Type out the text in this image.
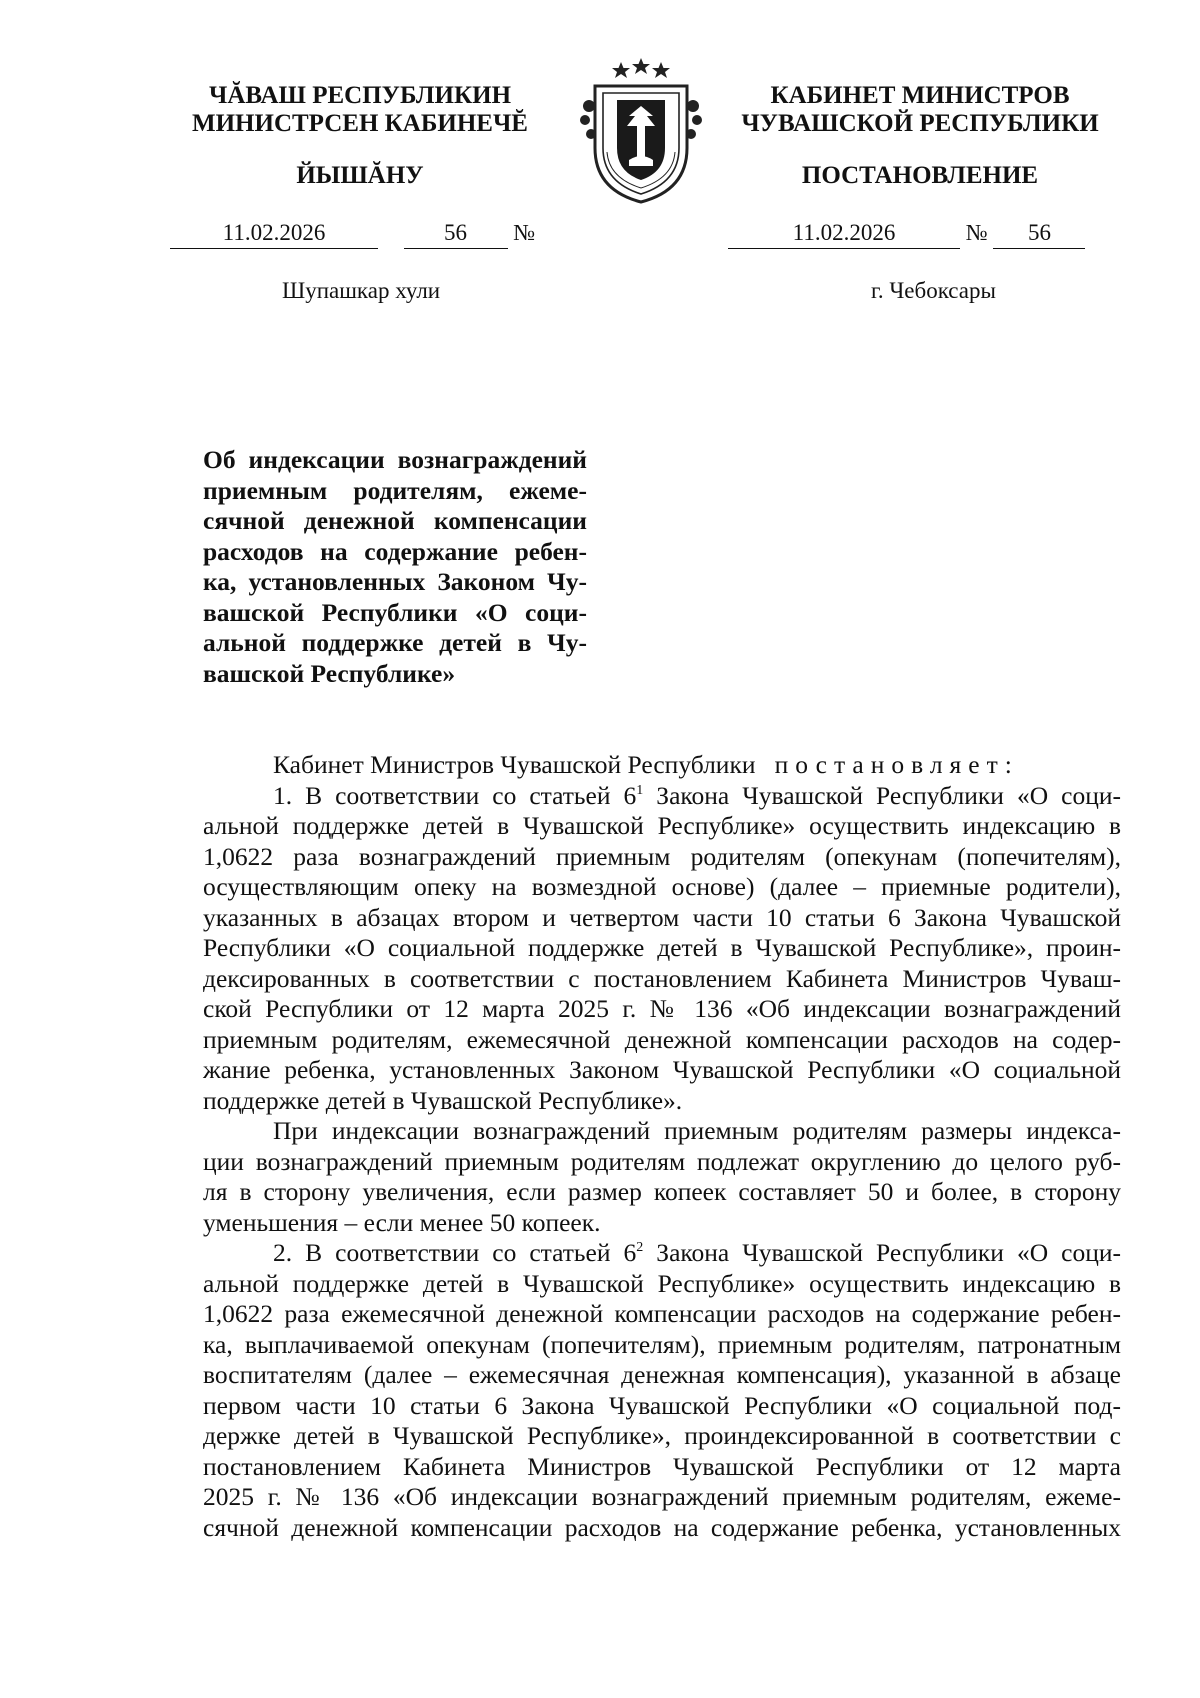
ЧĂВАШ РЕСПУБЛИКИН
МИНИСТРСЕН КАБИНЕЧĔ
ЙЫШĂНУ
КАБИНЕТ МИНИСТРОВ
ЧУВАШСКОЙ РЕСПУБЛИКИ
ПОСТАНОВЛЕНИЕ
11.02.2026	56 №	11.02.2026	№ 56
Шупашкар хули	г. Чебоксары
Об индексации вознаграждений
приемным родителям, ежеме-
сячной денежной компенсации
расходов на содержание ребен-
ка, установленных Законом Чу-
вашской Республики «О соци-
альной поддержке детей в Чу-
вашской Республике»
Кабинет Министров Чувашской Республики постановляет:
1. В соответствии со статьей $6^1$ Закона Чувашской Республики «О соци-
альной поддержке детей в Чувашской Республике» осуществить индексацию в
1,0622 раза вознаграждений приемным родителям (опекунам (попечителям),
осуществляющим опеку на возмездной основе) (далее – приемные родители),
указанных в абзацах втором и четвертом части 10 статьи 6 Закона Чувашской
Республики «О социальной поддержке детей в Чувашской Республике», проин-
дексированных в соответствии с постановлением Кабинета Министров Чуваш-
ской Республики от 12 марта 2025 г. № 136 «Об индексации вознаграждений
приемным родителям, ежемесячной денежной компенсации расходов на содер-
жание ребенка, установленных Законом Чувашской Республики «О социальной
поддержке детей в Чувашской Республике».
При индексации вознаграждений приемным родителям размеры индекса-
ции вознаграждений приемным родителям подлежат округлению до целого руб-
ля в сторону увеличения, если размер копеек составляет 50 и более, в сторону
уменьшения – если менее 50 копеек.
2. В соответствии со статьей $6^2$ Закона Чувашской Республики «О соци-
альной поддержке детей в Чувашской Республике» осуществить индексацию в
1,0622 раза ежемесячной денежной компенсации расходов на содержание ребен-
ка, выплачиваемой опекунам (попечителям), приемным родителям, патронатным
воспитателям (далее – ежемесячная денежная компенсация), указанной в абзаце
первом части 10 статьи 6 Закона Чувашской Республики «О социальной под-
держке детей в Чувашской Республике», проиндексированной в соответствии с
постановлением Кабинета Министров Чувашской Республики от 12 марта
2025 г. № 136 «Об индексации вознаграждений приемным родителям, ежеме-
сячной денежной компенсации расходов на содержание ребенка, установленных
